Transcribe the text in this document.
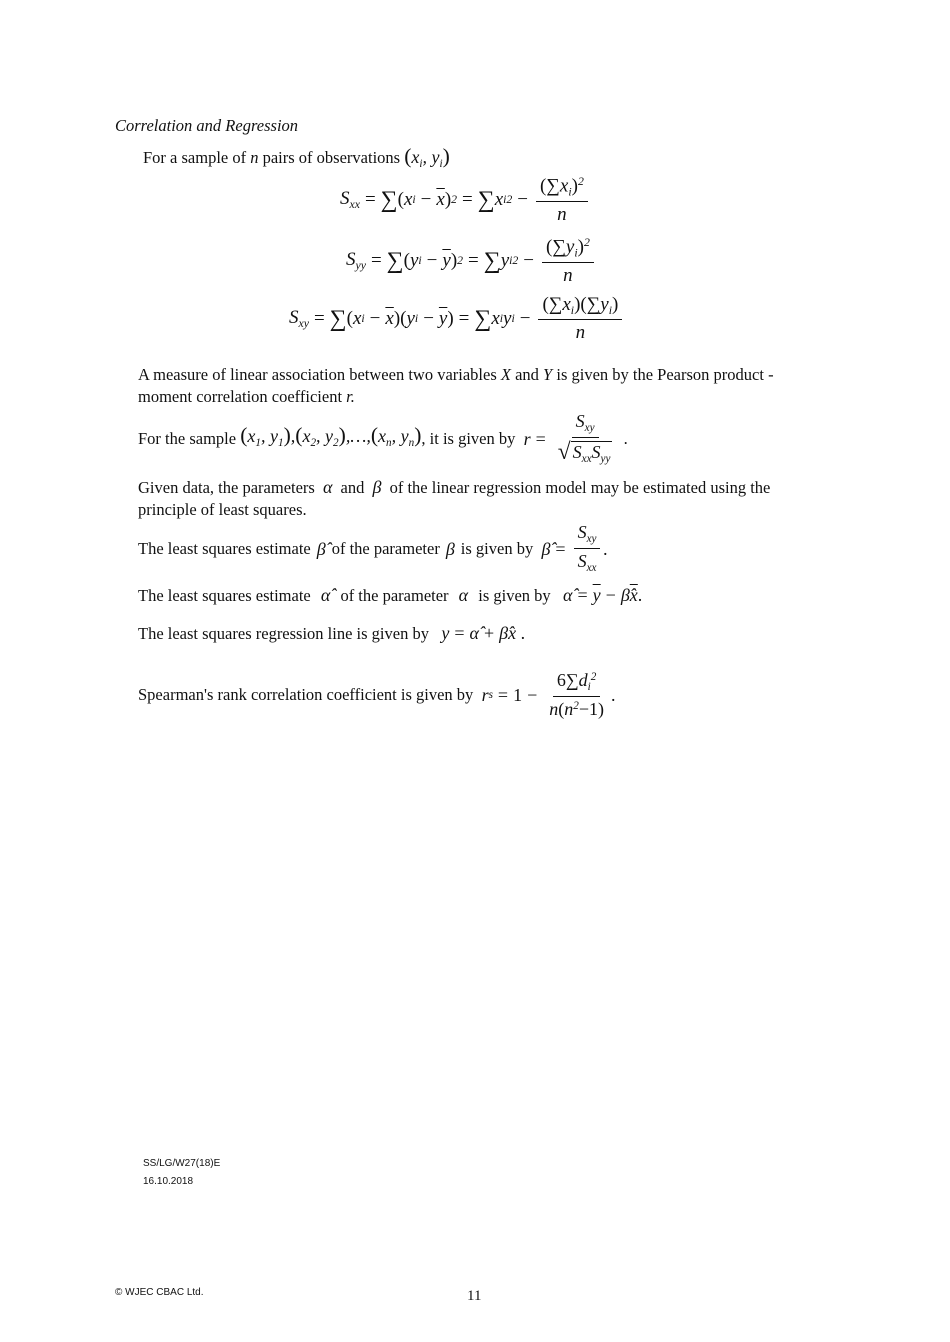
Correlation and Regression
For a sample of n pairs of observations ($x_i$, $y_i$)
$S_{xx}$ = ∑ ( x $i - \overline{x}$ ) 2 = ∑ x i $2 - \frac{(\sum x_i)^2}{n}$
$S_{yy}$ = ∑ ( y $i - \overline{y}$ ) 2 = ∑ y i $2 - \frac{(\sum y_i)^2}{n}$
$S_{xy}$ = ∑ ( x $i - \overline{x}$ )( y $i - \overline{y}$ ) = ∑ x i y $i - \frac{(\sum x_i)(\sum y_i)}{n}$
A measure of linear association between two variables X and Y is given by the Pearson product -
moment correlation coefficient r.
For the sample
($x_1$, $y_1),(x_2$, $y_2),\dots,(x_n$, $y_n$) , it is given by
$r = \frac{S_{xy}}{√ S_{xx}S_{yy}}$ .
Given data, the parameters α and β of the linear regression model may be estimated using the
principle of least squares.
The least squares estimate β̂ of the parameter β is given by
β̂ = $\frac{S_{xy}}{S_{xx}}$ .
The least squares estimate α̂ of the parameter α is given by α̂ = $\overline{y}$ − $\betâ\overline{x}$.
The least squares regression line is given by y = α̂ + β̂x .
Spearman's rank correlation coefficient is given by
r $s = 1 - \frac{6\sum d_i^2}{n(n^2-1)}$ .
SS/LG/W27(18)E
16.10.2018
© WJEC CBAC Ltd.	11
